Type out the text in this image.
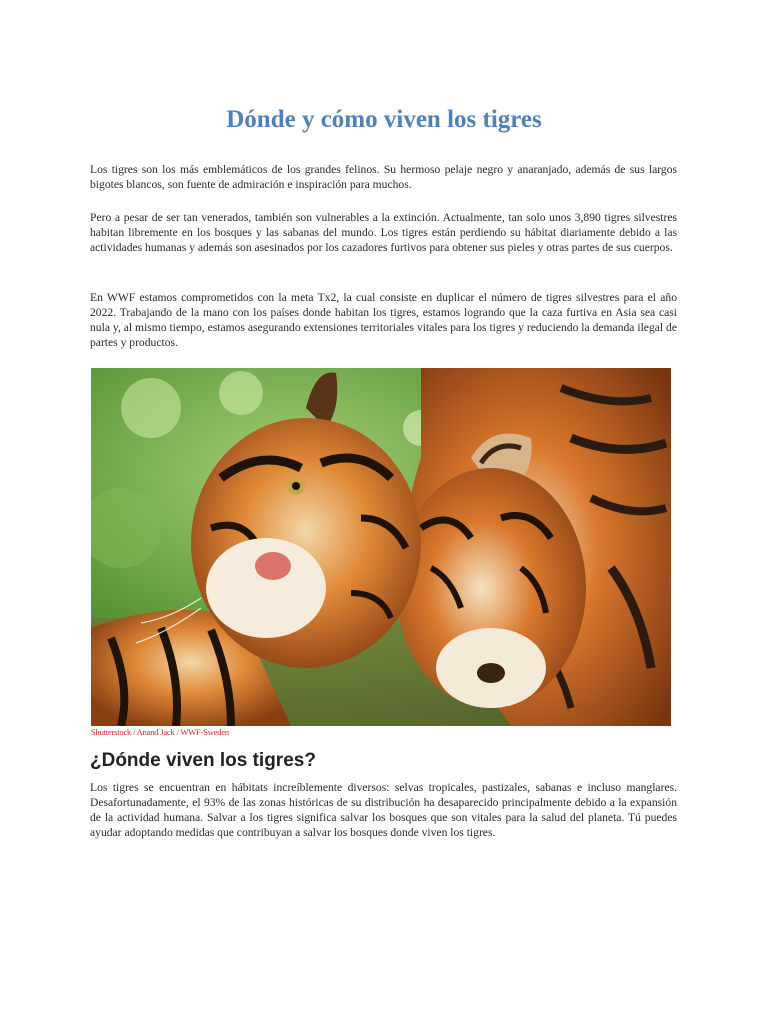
Dónde y cómo viven los tigres

Los tigres son los más emblemáticos de los grandes felinos. Su hermoso pelaje negro y anaranjado, además de sus largos bigotes blancos, son fuente de admiración e inspiración para muchos.

Pero a pesar de ser tan venerados, también son vulnerables a la extinción. Actualmente, tan solo unos 3,890 tigres silvestres habitan libremente en los bosques y las sabanas del mundo. Los tigres están perdiendo su hábitat diariamente debido a las actividades humanas y además son asesinados por los cazadores furtivos para obtener sus pieles y otras partes de sus cuerpos.

En WWF estamos comprometidos con la meta Tx2, la cual consiste en duplicar el número de tigres silvestres para el año 2022. Trabajando de la mano con los países donde habitan los tigres, estamos logrando que la caza furtiva en Asia sea casi nula y, al mismo tiempo, estamos asegurando extensiones territoriales vitales para los tigres y reduciendo la demanda ilegal de partes y productos.

Shutterstock / Anand Jack / WWF-Sweden
¿Dónde viven los tigres?

Los tigres se encuentran en hábitats increíblemente diversos: selvas tropicales, pastizales, sabanas e incluso manglares. Desafortunadamente, el 93% de las zonas históricas de su distribución ha desaparecido principalmente debido a la expansión de la actividad humana. Salvar a los tigres significa salvar los bosques que son vitales para la salud del planeta. Tú puedes ayudar adoptando medidas que contribuyan a salvar los bosques donde viven los tigres.
